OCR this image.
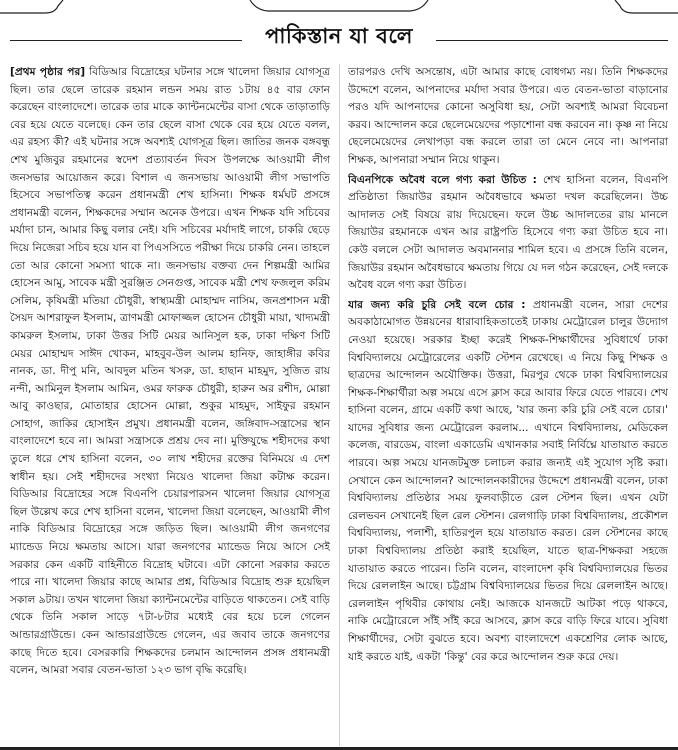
পাকিস্তান যা বলে

[প্রথম পৃষ্ঠার পর] বিডিআর বিদ্রোহের ঘটনার সঙ্গে খালেদা জিয়ার যোগসূত্র ছিল। তার ছেলে তারেক রহমান লন্ডন সময় রাত ১টায় ৪৫ বার ফোন করেছেন বাংলাদেশে। তারেক তার মাকে ক্যান্টনমেন্টের বাসা থেকে তাড়াতাড়ি বের হয়ে যেতে বলেছে। কেন তার ছেলে বাসা থেকে বের হয়ে যেতে বলল, এর রহস্য কী? এই ঘটনার সঙ্গে অবশ্যই যোগসূত্র ছিল। জাতির জনক বঙ্গবন্ধু শেখ মুজিবুর রহমানের স্বদেশ প্রত্যাবর্তন দিবস উপলক্ষে আওয়ামী লীগ জনসভার আয়োজন করে। বিশাল এ জনসভায় আওয়ামী লীগ সভাপতি হিসেবে সভাপতিত্ব করেন প্রধানমন্ত্রী শেখ হাসিনা। শিক্ষক ধর্মঘট প্রসঙ্গে প্রধানমন্ত্রী বলেন, শিক্ষকদের সম্মান অনেক উপরে। এখন শিক্ষক যদি সচিবের মর্যাদা চান, আমার কিছু বলার নেই। যদি সচিবের মর্যাদাই লাগে, চাকরি ছেড়ে দিয়ে নিজেরা সচিব হয়ে যান বা পিএসসিতে পরীক্ষা দিয়ে চাকরি নেন। তাহলে তো আর কোনো সমস্যা থাকে না। জনসভায় বক্তব্য দেন শিল্পমন্ত্রী আমির হোসেন আমু, সাবেক মন্ত্রী সুরঞ্জিত সেনগুপ্ত, সাবেক মন্ত্রী শেখ ফজলুল করিম সেলিম, কৃষিমন্ত্রী মতিয়া চৌধুরী, স্বাস্থ্যমন্ত্রী মোহাম্মদ নাসিম, জনপ্রশাসন মন্ত্রী সৈয়দ আশরাফুল ইসলাম, ত্রাণমন্ত্রী মোফাজ্জল হোসেন চৌধুরী মায়া, খাদ্যমন্ত্রী কামরুল ইসলাম, ঢাকা উত্তর সিটি মেয়র আনিসুল হক, ঢাকা দক্ষিণ সিটি মেয়র মোহাম্মদ সাঈদ খোকন, মাহবুব-উল আলম হানিফ, জাহাঙ্গীর কবির নানক, ডা. দীপু মনি, আবদুল মতিন খসরু, ডা. হাছান মাহমুদ, সুজিত রায় নন্দী, আমিনুল ইসলাম আমিন, ওমর ফারুক চৌধুরী, হারুন অর রশীদ, মোল্লা আবু কাওছার, মোতাহার হোসেন মোল্লা, শুকুর মাহমুদ, সাইফুর রহমান সোহাগ, জাকির হোসাইন প্রমুখ। প্রধানমন্ত্রী বলেন, জঙ্গিবাদ-সন্ত্রাসের স্থান বাংলাদেশে হবে না। আমরা সন্ত্রাসকে প্রশ্রয় দেব না। মুক্তিযুদ্ধে শহীদদের কথা তুলে ধরে শেখ হাসিনা বলেন, ৩০ লাখ শহীদের রক্তের বিনিময়ে এ দেশ স্বাধীন হয়। সেই শহীদদের সংখ্যা নিয়েও খালেদা জিয়া কটাক্ষ করেন। বিডিআর বিদ্রোহের সঙ্গে বিএনপি চেয়ারপারসন খালেদা জিয়ার যোগসূত্র ছিল উল্লেখ করে শেখ হাসিনা বলেন, খালেদা জিয়া বলেছেন, আওয়ামী লীগ নাকি বিডিআর বিদ্রোহের সঙ্গে জড়িত ছিল। আওয়ামী লীগ জনগণের ম্যান্ডেড নিয়ে ক্ষমতায় আসে। যারা জনগণের ম্যান্ডেড নিয়ে আসে সেই সরকার কেন একটি বাহিনীতে বিদ্রোহ ঘটাবে। এটা কোনো সরকার করতে পারে না। খালেদা জিয়ার কাছে আমার প্রশ্ন, বিডিআর বিদ্রোহ শুরু হয়েছিল সকাল ৯টায়। তখন খালেদা জিয়া ক্যান্টনমেন্টের বাড়িতে থাকতেন। সেই বাড়ি থেকে তিনি সকাল সাড়ে ৭টা-৮টার মধ্যেই বের হয়ে চলে গেলেন আন্ডারগ্রাউন্ডে। কেন আন্ডারগ্রাউন্ডে গেলেন, এর জবাব তাকে জনগণের কাছে দিতে হবে। বেসরকারি শিক্ষকদের চলমান আন্দোলন প্রসঙ্গ প্রধানমন্ত্রী বলেন, আমরা সবার বেতন-ভাতা ১২৩ ভাগ বৃদ্ধি করেছি।

তারপরও দেখি অসন্তোষ, এটা আমার কাছে বোধগম্য নয়। তিনি শিক্ষকদের উদ্দেশে বলেন, আপনাদের মর্যাদা সবার উপরে। এত বেতন-ভাতা বাড়ানোর পরও যদি আপনাদের কোনো অসুবিধা হয়, সেটা অবশ্যই আমরা বিবেচনা করব। আন্দোলন করে ছেলেমেয়েদের পড়াশোনা বন্ধ করবেন না। কৃষ্ণ না নিয়ে ছেলেমেয়েদের লেখাপড়া বন্ধ করলে তারা তা মেনে নেবে না। আপনারা শিক্ষক, আপনারা সম্মান নিয়ে থাকুন।

বিএনপিকে অবৈধ বলে গণ্য করা উচিত : শেখ হাসিনা বলেন, বিএনপি প্রতিষ্ঠাতা জিয়াউর রহমান অবৈধভাবে ক্ষমতা দখল করেছিলেন। উচ্চ আদালত সেই বিষয়ে রায় দিয়েছেন। ফলে উচ্চ আদালতের রায় মানলে জিয়াউর রহমানকে এখন আর রাষ্ট্রপতি হিসেবে গণ্য করা উচিত হবে না। কেউ বললে সেটা আদালত অবমাননার শামিল হবে। এ প্রসঙ্গে তিনি বলেন, জিয়াউর রহমান অবৈধভাবে ক্ষমতায় গিয়ে যে দল গঠন করেছেন, সেই দলকে অবৈধ বলে গণ্য করা উচিত।

যার জন্য করি চুরি সেই বলে চোর : প্রধানমন্ত্রী বলেন, সারা দেশের অবকাঠামোগত উন্নয়নের ধারাবাহিকতাতেই ঢাকায় মেট্রোরেল চালুর উদ্যোগ নেওয়া হয়েছে। সরকার ইচ্ছা করেই শিক্ষক-শিক্ষার্থীদের সুবিধার্থে ঢাকা বিশ্ববিদ্যালয়ে মেট্রোরেলের একটি স্টেশন রেখেছে। এ নিয়ে কিছু শিক্ষক ও ছাত্রদের আন্দোলন অযৌক্তিক। উত্তরা, মিরপুর থেকে ঢাকা বিশ্ববিদ্যালয়ের শিক্ষক-শিক্ষার্থীরা অল্প সময়ে এসে ক্লাস করে আবার ফিরে যেতে পারবে। শেখ হাসিনা বলেন, গ্রামে একটি কথা আছে, 'যার জন্য করি চুরি সেই বলে চোর।' যাদের সুবিধার জন্য মেট্রোরেল করলাম... এখানে বিশ্ববিদ্যালয়, মেডিকেল কলেজ, বারডেম, বাংলা একাডেমি এখানকার সবাই নির্বিঘ্নে যাতায়াত করতে পারবে। অল্প সময়ে যানজটমুক্ত চলাচল করার জন্যই এই সুযোগ সৃষ্টি করা। সেখানে কেন আন্দোলন? আন্দোলনকারীদের উদ্দেশে প্রধানমন্ত্রী বলেন, ঢাকা বিশ্ববিদ্যালয় প্রতিষ্ঠার সময় ফুলবাড়ীতে রেল স্টেশন ছিল। এখন যেটা রেলভবন সেখানেই ছিল রেল স্টেশন। রেলগাড়ি ঢাকা বিশ্ববিদ্যালয়, প্রকৌশল বিশ্ববিদ্যালয়, পলাশী, হাতিরপুল হয়ে যাতায়াত করত। রেল স্টেশনের কাছে ঢাকা বিশ্ববিদ্যালয় প্রতিষ্ঠা করাই হয়েছিল, যাতে ছাত্র-শিক্ষকরা সহজে যাতায়াত করতে পারেন। তিনি বলেন, বাংলাদেশ কৃষি বিশ্ববিদ্যালয়ের ভিতর দিয়ে রেললাইন আছে। চট্টগ্রাম বিশ্ববিদ্যালয়ের ভিতর দিয়ে রেললাইন আছে। রেললাইন পৃথিবীর কোথায় নেই। আজকে যানজটে আটকা পড়ে থাকবে, নাকি মেট্রোরেলে সাঁই সাঁই করে আসবে, ক্লাস করে বাড়ি ফিরে যাবে। সুবিধা শিক্ষার্থীদের, সেটা বুঝতে হবে। অবশ্য বাংলাদেশে একশ্রেণির লোক আছে, যাই করতে যাই, একটা 'কিন্তু' বের করে আন্দোলন শুরু করে দেয়।
